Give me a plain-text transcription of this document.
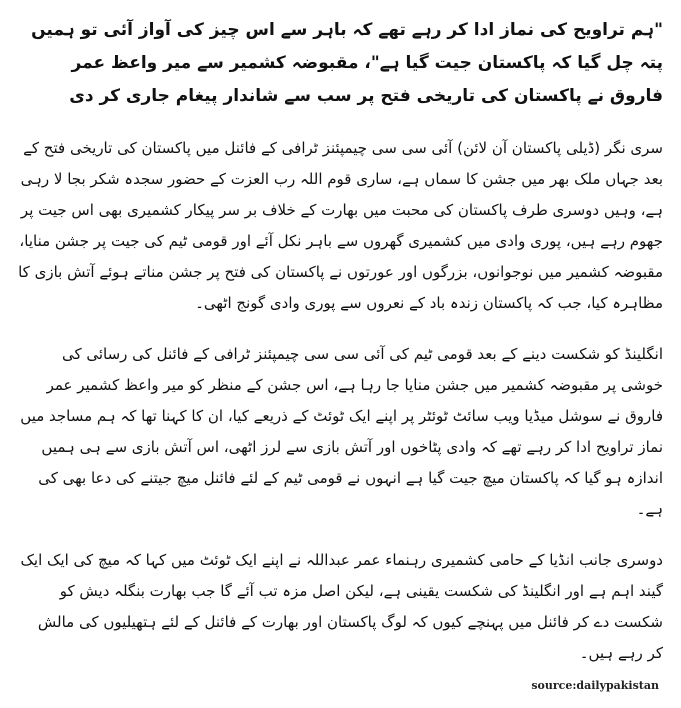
"ہم تراویح کی نماز ادا کر رہے تھے کہ باہر سے اس چیز کی آواز آئی تو ہمیں پتہ چل گیا کہ پاکستان جیت گیا ہے"، مقبوضہ کشمیر سے میر واعظ عمر فاروق نے پاکستان کی تاریخی فتح پر سب سے شاندار پیغام جاری کر دی

سری نگر (ڈیلی پاکستان آن لائن) آئی سی سی چیمپئنز ٹرافی کے فائنل میں پاکستان کی تاریخی فتح کے بعد جہاں ملک بھر میں جشن کا سماں ہے، ساری قوم اللہ رب العزت کے حضور سجدہ شکر بجا لا رہی ہے، وہیں دوسری طرف پاکستان کی محبت میں بھارت کے خلاف بر سر پیکار کشمیری بھی اس جیت پر جھوم رہے ہیں، پوری وادی میں کشمیری گھروں سے باہر نکل آئے اور قومی ٹیم کی جیت پر جشن منایا، مقبوضہ کشمیر میں نوجوانوں، بزرگوں اور عورتوں نے پاکستان کی فتح پر جشن مناتے ہوئے آتش بازی کا مظاہرہ کیا، جب کہ پاکستان زندہ باد کے نعروں سے پوری وادی گونج اٹھی۔

انگلینڈ کو شکست دینے کے بعد قومی ٹیم کی آئی سی سی چیمپئنز ٹرافی کے فائنل کی رسائی کی خوشی پر مقبوضہ کشمیر میں جشن منایا جا رہا ہے، اس جشن کے منظر کو میر واعظ کشمیر عمر فاروق نے سوشل میڈیا ویب سائٹ ٹوئٹر پر اپنے ایک ٹوئٹ کے ذریعے کیا، ان کا کہنا تھا کہ ہم مساجد میں نماز تراویح ادا کر رہے تھے کہ وادی پٹاخوں اور آتش بازی سے لرز اٹھی، اس آتش بازی سے ہی ہمیں اندازہ ہو گیا کہ پاکستان میچ جیت گیا ہے انہوں نے قومی ٹیم کے لئے فائنل میچ جیتنے کی دعا بھی کی ہے۔

دوسری جانب انڈیا کے حامی کشمیری رہنماء عمر عبداللہ نے اپنے ایک ٹوئٹ میں کہا کہ میچ کی ایک ایک گیند اہم ہے اور انگلینڈ کی شکست یقینی ہے، لیکن اصل مزہ تب آئے گا جب بھارت بنگلہ دیش کو شکست دے کر فائنل میں پہنچے کیوں کہ لوگ پاکستان اور بھارت کے فائنل کے لئے ہتھیلیوں کی مالش کر رہے ہیں۔

source:dailypakistan
